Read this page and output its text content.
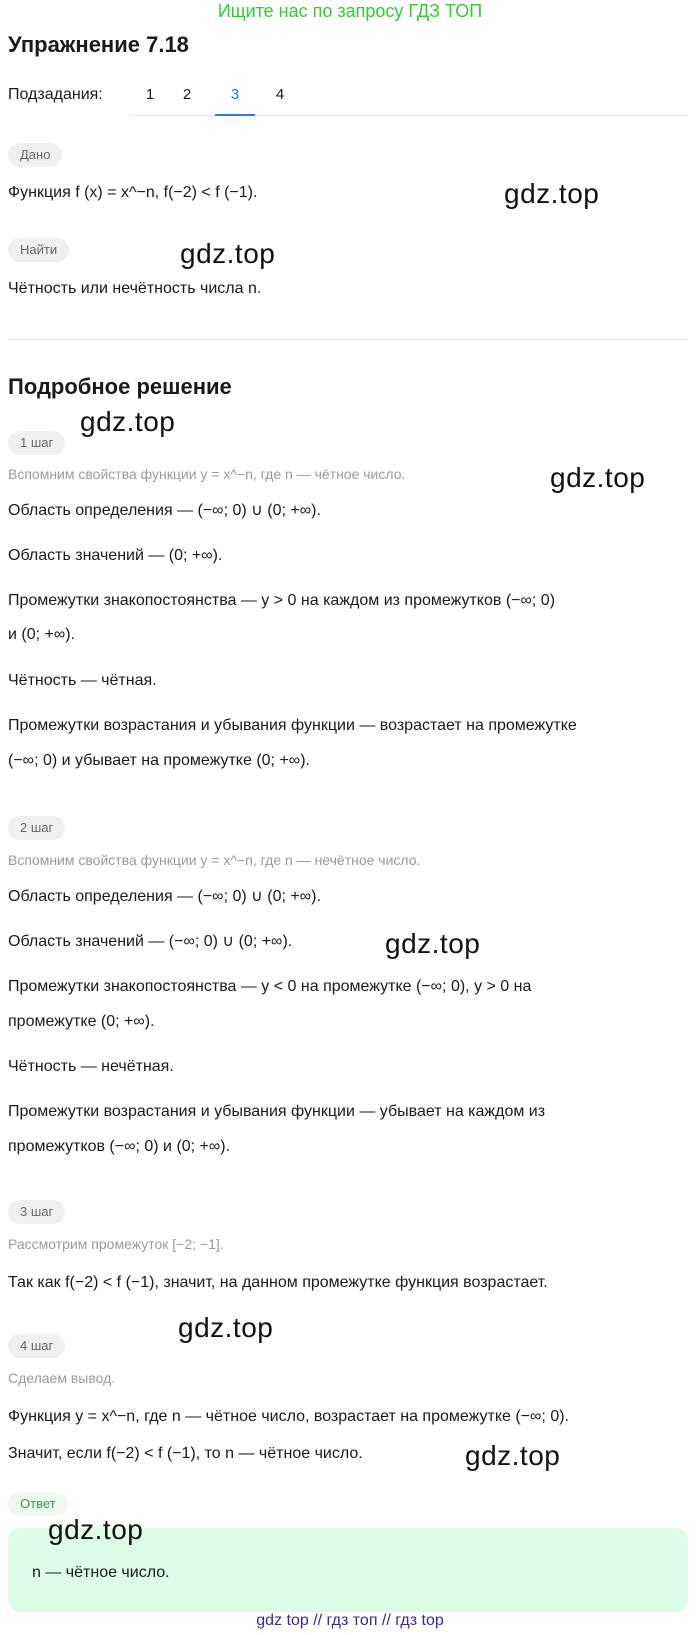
Ищите нас по запросу ГДЗ ТОП
Упражнение 7.18
Подзадания:	1	2	3	4
Дано
Функция f (x) = x^−n, f(−2) < f (−1).
Найти
Чётность или нечётность числа n.
Подробное решение
1 шаг
Вспомним свойства функции y = x^−n, где n — чётное число.
Область определения — (−∞; 0) ∪ (0; +∞).
Область значений — (0; +∞).
Промежутки знакопостоянства — y > 0 на каждом из промежутков (−∞; 0)
и (0; +∞).
Чётность — чётная.
Промежутки возрастания и убывания функции — возрастает на промежутке
(−∞; 0) и убывает на промежутке (0; +∞).
2 шаг
Вспомним свойства функции y = x^−n, где n — нечётное число.
Область определения — (−∞; 0) ∪ (0; +∞).
Область значений — (−∞; 0) ∪ (0; +∞).
Промежутки знакопостоянства — y < 0 на промежутке (−∞; 0), y > 0 на
промежутке (0; +∞).
Чётность — нечётная.
Промежутки возрастания и убывания функции — убывает на каждом из
промежутков (−∞; 0) и (0; +∞).
3 шаг
Рассмотрим промежуток [−2; −1].
Так как f(−2) < f (−1), значит, на данном промежутке функция возрастает.
4 шаг
Сделаем вывод.
Функция y = x^−n, где n — чётное число, возрастает на промежутке (−∞; 0).
Значит, если f(−2) < f (−1), то n — чётное число.
Ответ
n — чётное число.
gdz.top
gdz.top
gdz.top
gdz.top
gdz.top
gdz.top
gdz.top
gdz.top
gdz top // гдз топ // гдз top
